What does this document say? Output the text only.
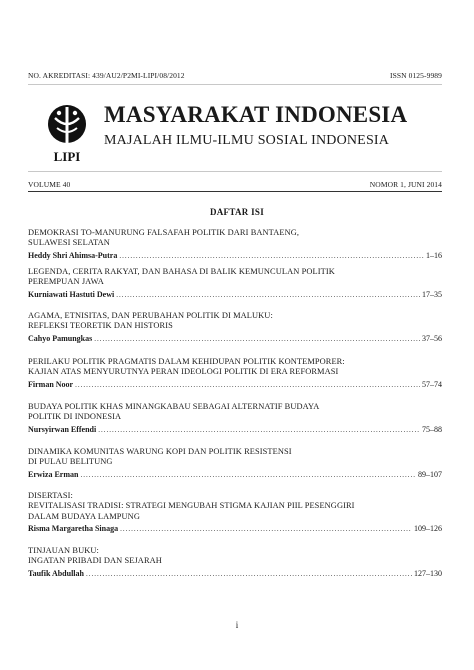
NO. AKREDITASI: 439/AU2/P2MI-LIPI/08/2012	ISSN 0125-9989
LIPI
MASYARAKAT INDONESIA
MAJALAH ILMU-ILMU SOSIAL INDONESIA
VOLUME 40	NOMOR 1, JUNI 2014
DAFTAR ISI
DEMOKRASI TO-MANURUNG FALSAFAH POLITIK DARI BANTAENG,
SULAWESI SELATAN
Heddy Shri Ahimsa-Putra .....	1–16
LEGENDA, CERITA RAKYAT, DAN BAHASA DI BALIK KEMUNCULAN POLITIK
PEREMPUAN JAWA
Kurniawati Hastuti Dewi .....	17–35
AGAMA, ETNISITAS, DAN PERUBAHAN POLITIK DI MALUKU:
REFLEKSI TEORETIK DAN HISTORIS
Cahyo Pamungkas .....	37–56
PERILAKU POLITIK PRAGMATIS DALAM KEHIDUPAN POLITIK KONTEMPORER:
KAJIAN ATAS MENYURUTNYA PERAN IDEOLOGI POLITIK DI ERA REFORMASI
Firman Noor .....	57–74
BUDAYA POLITIK KHAS MINANGKABAU SEBAGAI ALTERNATIF BUDAYA
POLITIK DI INDONESIA
Nursyirwan Effendi .....	75–88
DINAMIKA KOMUNITAS WARUNG KOPI DAN POLITIK RESISTENSI
DI PULAU BELITUNG
Erwiza Erman .....	89–107
DISERTASI:
REVITALISASI TRADISI: STRATEGI MENGUBAH STIGMA KAJIAN PIIL PESENGGIRI
DALAM BUDAYA LAMPUNG
Risma Margaretha Sinaga .....	109–126
TINJAUAN BUKU:
INGATAN PRIBADI DAN SEJARAH
Taufik Abdullah .....	127–130
i
